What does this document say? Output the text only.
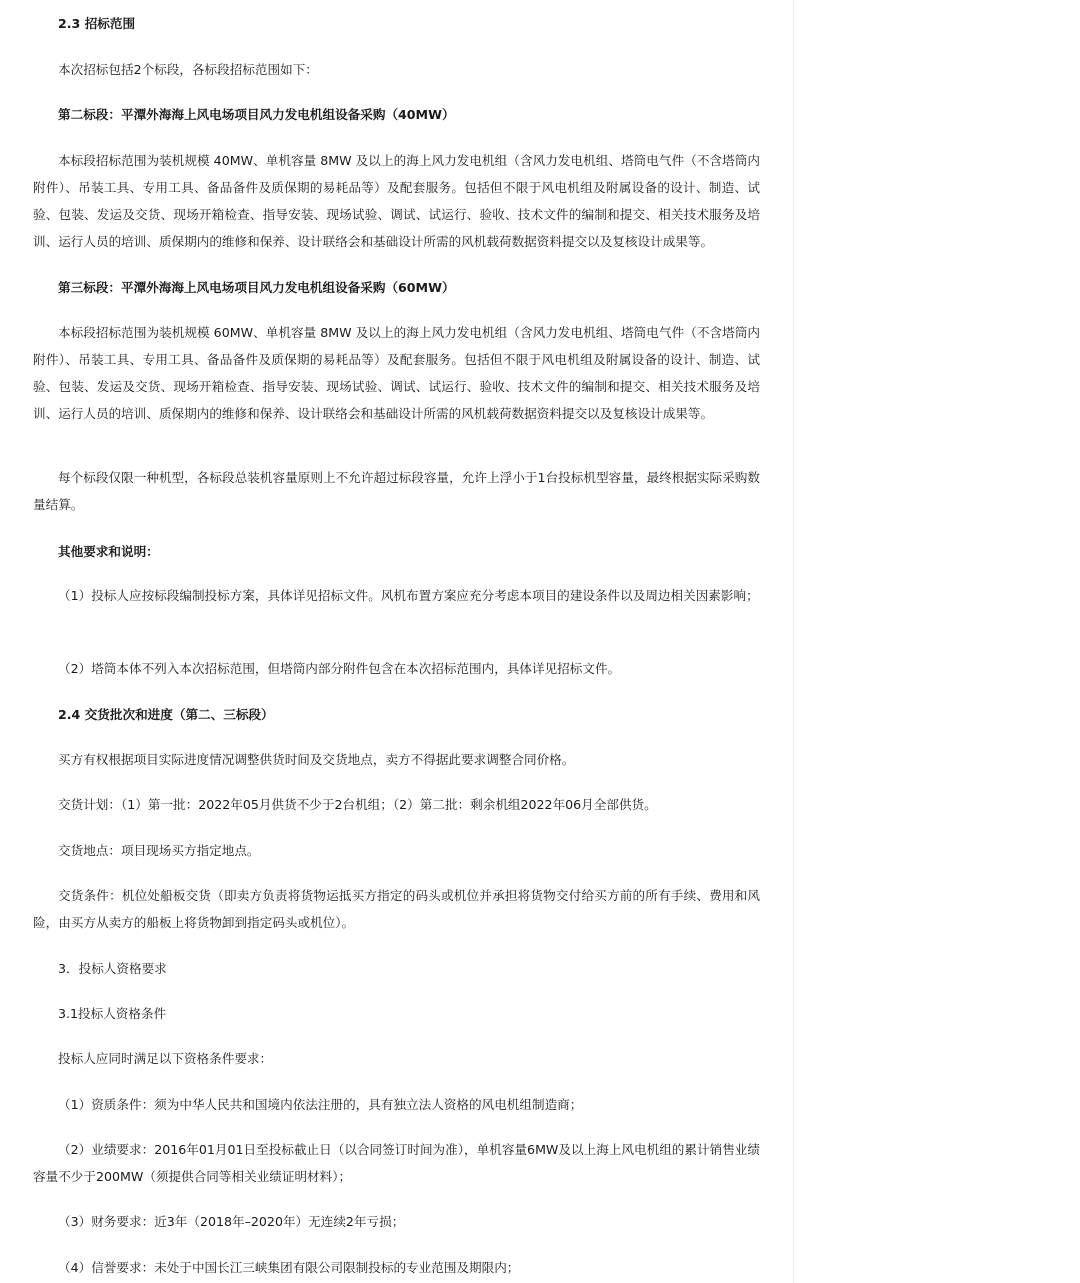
2.3 招标范围

本次招标包括2个标段，各标段招标范围如下：

第二标段：平潭外海海上风电场项目风力发电机组设备采购（40MW）

本标段招标范围为装机规模 40MW、单机容量 8MW 及以上的海上风力发电机组（含风力发电机组、塔筒电气件（不含塔筒内附件）、吊装工具、专用工具、备品备件及质保期的易耗品等）及配套服务。包括但不限于风电机组及附属设备的设计、制造、试验、包装、发运及交货、现场开箱检查、指导安装、现场试验、调试、试运行、验收、技术文件的编制和提交、相关技术服务及培训、运行人员的培训、质保期内的维修和保养、设计联络会和基础设计所需的风机载荷数据资料提交以及复核设计成果等。

第三标段：平潭外海海上风电场项目风力发电机组设备采购（60MW）

本标段招标范围为装机规模 60MW、单机容量 8MW 及以上的海上风力发电机组（含风力发电机组、塔筒电气件（不含塔筒内附件）、吊装工具、专用工具、备品备件及质保期的易耗品等）及配套服务。包括但不限于风电机组及附属设备的设计、制造、试验、包装、发运及交货、现场开箱检查、指导安装、现场试验、调试、试运行、验收、技术文件的编制和提交、相关技术服务及培训、运行人员的培训、质保期内的维修和保养、设计联络会和基础设计所需的风机载荷数据资料提交以及复核设计成果等。

每个标段仅限一种机型，各标段总装机容量原则上不允许超过标段容量，允许上浮小于1台投标机型容量，最终根据实际采购数量结算。

其他要求和说明：

（1）投标人应按标段编制投标方案，具体详见招标文件。风机布置方案应充分考虑本项目的建设条件以及周边相关因素影响；

（2）塔筒本体不列入本次招标范围，但塔筒内部分附件包含在本次招标范围内，具体详见招标文件。

2.4 交货批次和进度（第二、三标段）

买方有权根据项目实际进度情况调整供货时间及交货地点，卖方不得据此要求调整合同价格。

交货计划：（1）第一批：2022年05月供货不少于2台机组；（2）第二批：剩余机组2022年06月全部供货。

交货地点：项目现场买方指定地点。

交货条件：机位处船板交货（即卖方负责将货物运抵买方指定的码头或机位并承担将货物交付给买方前的所有手续、费用和风险，由买方从卖方的船板上将货物卸到指定码头或机位）。

3．投标人资格要求

3.1投标人资格条件

投标人应同时满足以下资格条件要求：

（1）资质条件：须为中华人民共和国境内依法注册的，具有独立法人资格的风电机组制造商；

（2）业绩要求：2016年01月01日至投标截止日（以合同签订时间为准），单机容量6MW及以上海上风电机组的累计销售业绩容量不少于200MW（须提供合同等相关业绩证明材料）；

（3）财务要求：近3年（2018年–2020年）无连续2年亏损；

（4）信誉要求：未处于中国长江三峡集团有限公司限制投标的专业范围及期限内；
